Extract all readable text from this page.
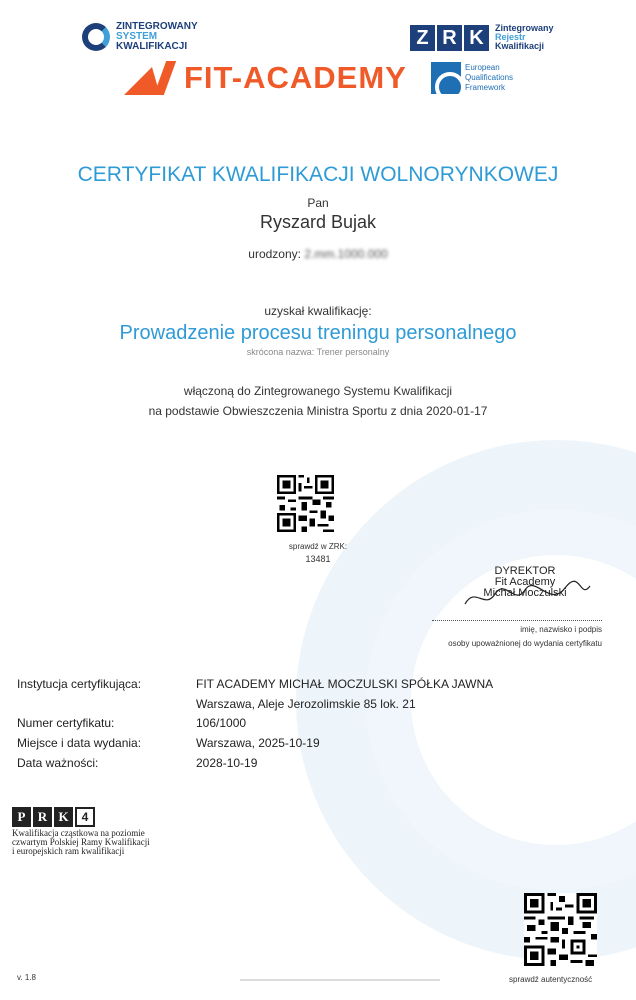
ZINTEGROWANY
SYSTEM
KWALIFIKACJI	Z R K	Zintegrowany
Rejestr
Kwalifikacji
FIT-ACADEMY	European
Qualifications
Framework
CERTYFIKAT KWALIFIKACJI WOLNORYNKOWEJ
Pan
Ryszard Bujak
urodzony: 2.mm.1000.000
uzyskał kwalifikację:
Prowadzenie procesu treningu personalnego
skrócona nazwa: Trener personalny
włączoną do Zintegrowanego Systemu Kwalifikacji
na podstawie Obwieszczenia Ministra Sportu z dnia 2020-01-17
sprawdź w ZRK:
13481
DYREKTOR
Fit Academy
Michał Moczulski
imię, nazwisko i podpis
osoby upoważnionej do wydania certyfikatu
Instytucja certyfikująca:	FIT ACADEMY MICHAŁ MOCZULSKI SPÓŁKA JAWNA
Warszawa, Aleje Jerozolimskie 85 lok. 21
Numer certyfikatu:	106/1000
Miejsce i data wydania:	Warszawa, 2025-10-19
Data ważności:	2028-10-19
P R K	4
Kwalifikacja cząstkowa na poziomie
czwartym Polskiej Ramy Kwalifikacji
i europejskich ram kwalifikacji
v. 1.8	sprawdź autentyczność
